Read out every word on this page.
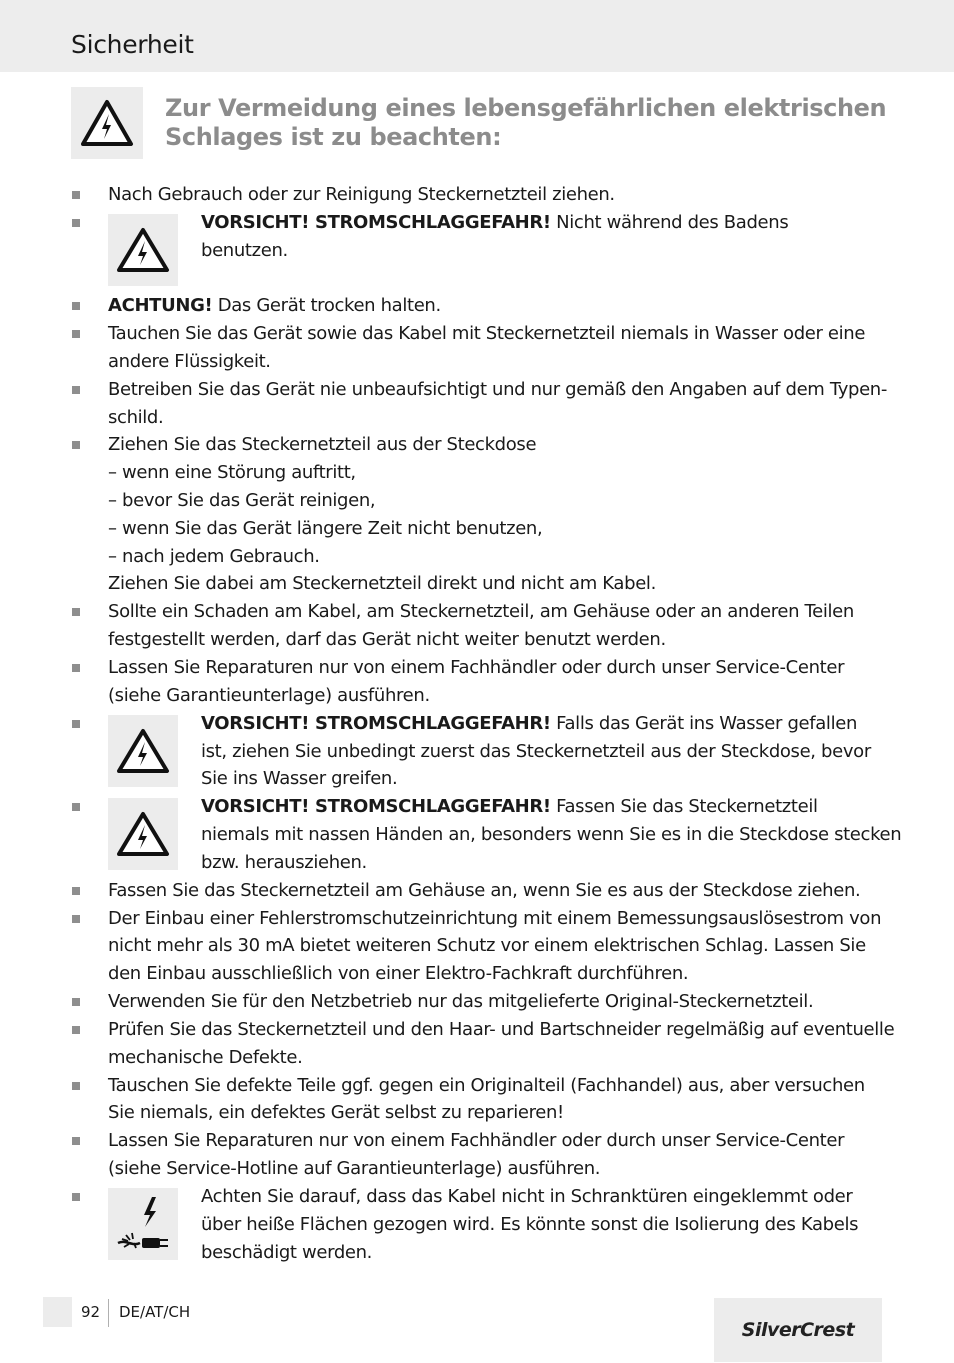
Sicherheit
Zur Vermeidung eines lebensgefährlichen elektrischen Schlages ist zu beachten:
Nach Gebrauch oder zur Reinigung Steckernetzteil ziehen.
VORSICHT! STROMSCHLAGGEFAHR! Nicht während des Badens
benutzen.
ACHTUNG! Das Gerät trocken halten.
Tauchen Sie das Gerät sowie das Kabel mit Steckernetzteil niemals in Wasser oder eine
andere Flüssigkeit.
Betreiben Sie das Gerät nie unbeaufsichtigt und nur gemäß den Angaben auf dem Typen-
schild.
Ziehen Sie das Steckernetzteil aus der Steckdose
– wenn eine Störung auftritt,
– bevor Sie das Gerät reinigen,
– wenn Sie das Gerät längere Zeit nicht benutzen,
– nach jedem Gebrauch.
Ziehen Sie dabei am Steckernetzteil direkt und nicht am Kabel.
Sollte ein Schaden am Kabel, am Steckernetzteil, am Gehäuse oder an anderen Teilen
festgestellt werden, darf das Gerät nicht weiter benutzt werden.
Lassen Sie Reparaturen nur von einem Fachhändler oder durch unser Service-Center
(siehe Garantieunterlage) ausführen.
VORSICHT! STROMSCHLAGGEFAHR! Falls das Gerät ins Wasser gefallen
ist, ziehen Sie unbedingt zuerst das Steckernetzteil aus der Steckdose, bevor
Sie ins Wasser greifen.
VORSICHT! STROMSCHLAGGEFAHR! Fassen Sie das Steckernetzteil
niemals mit nassen Händen an, besonders wenn Sie es in die Steckdose stecken
bzw. herausziehen.
Fassen Sie das Steckernetzteil am Gehäuse an, wenn Sie es aus der Steckdose ziehen.
Der Einbau einer Fehlerstromschutzeinrichtung mit einem Bemessungsauslösestrom von
nicht mehr als 30 mA bietet weiteren Schutz vor einem elektrischen Schlag. Lassen Sie
den Einbau ausschließlich von einer Elektro-Fachkraft durchführen.
Verwenden Sie für den Netzbetrieb nur das mitgelieferte Original-Steckernetzteil.
Prüfen Sie das Steckernetzteil und den Haar- und Bartschneider regelmäßig auf eventuelle
mechanische Defekte.
Tauschen Sie defekte Teile ggf. gegen ein Originalteil (Fachhandel) aus, aber versuchen
Sie niemals, ein defektes Gerät selbst zu reparieren!
Lassen Sie Reparaturen nur von einem Fachhändler oder durch unser Service-Center
(siehe Service-Hotline auf Garantieunterlage) ausführen.
Achten Sie darauf, dass das Kabel nicht in Schranktüren eingeklemmt oder
über heiße Flächen gezogen wird. Es könnte sonst die Isolierung des Kabels
beschädigt werden.
92 DE/AT/CH
SilverCrest
